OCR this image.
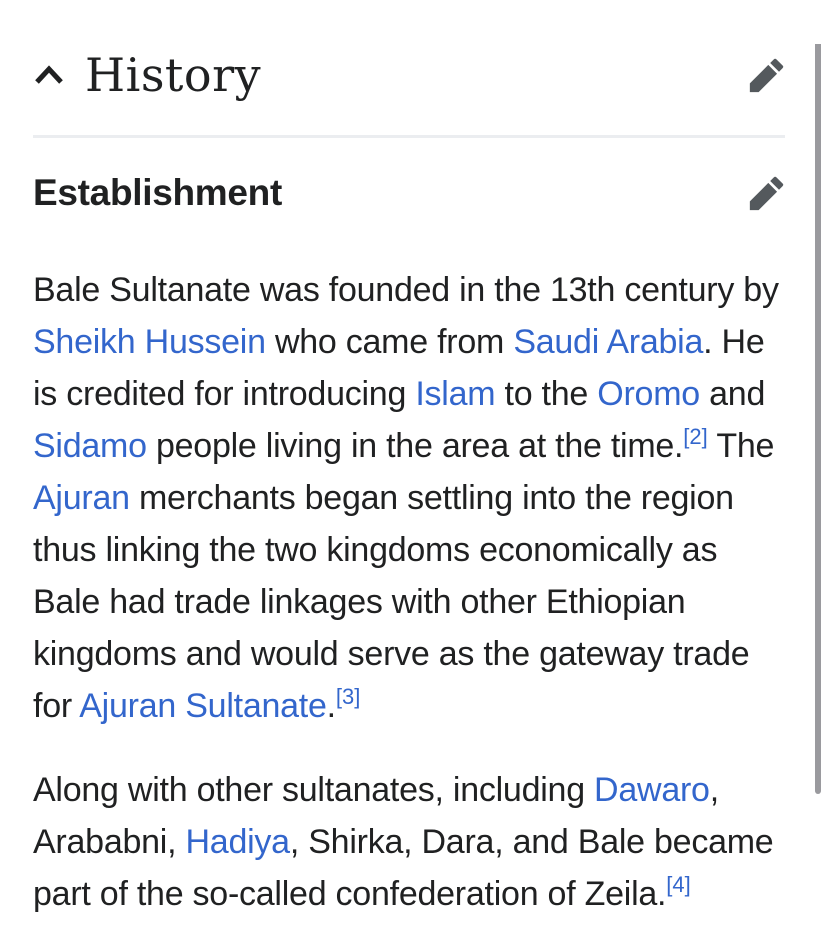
History
Establishment

Bale Sultanate was founded in the 13th century by Sheikh Hussein who came from Saudi Arabia. He is credited for introducing Islam to the Oromo and Sidamo people living in the area at the time.[2] The Ajuran merchants began settling into the region thus linking the two kingdoms economically as Bale had trade linkages with other Ethiopian kingdoms and would serve as the gateway trade for Ajuran Sultanate.[3]

Along with other sultanates, including Dawaro, Arababni, Hadiya, Shirka, Dara, and Bale became part of the so-called confederation of Zeila.[4]
